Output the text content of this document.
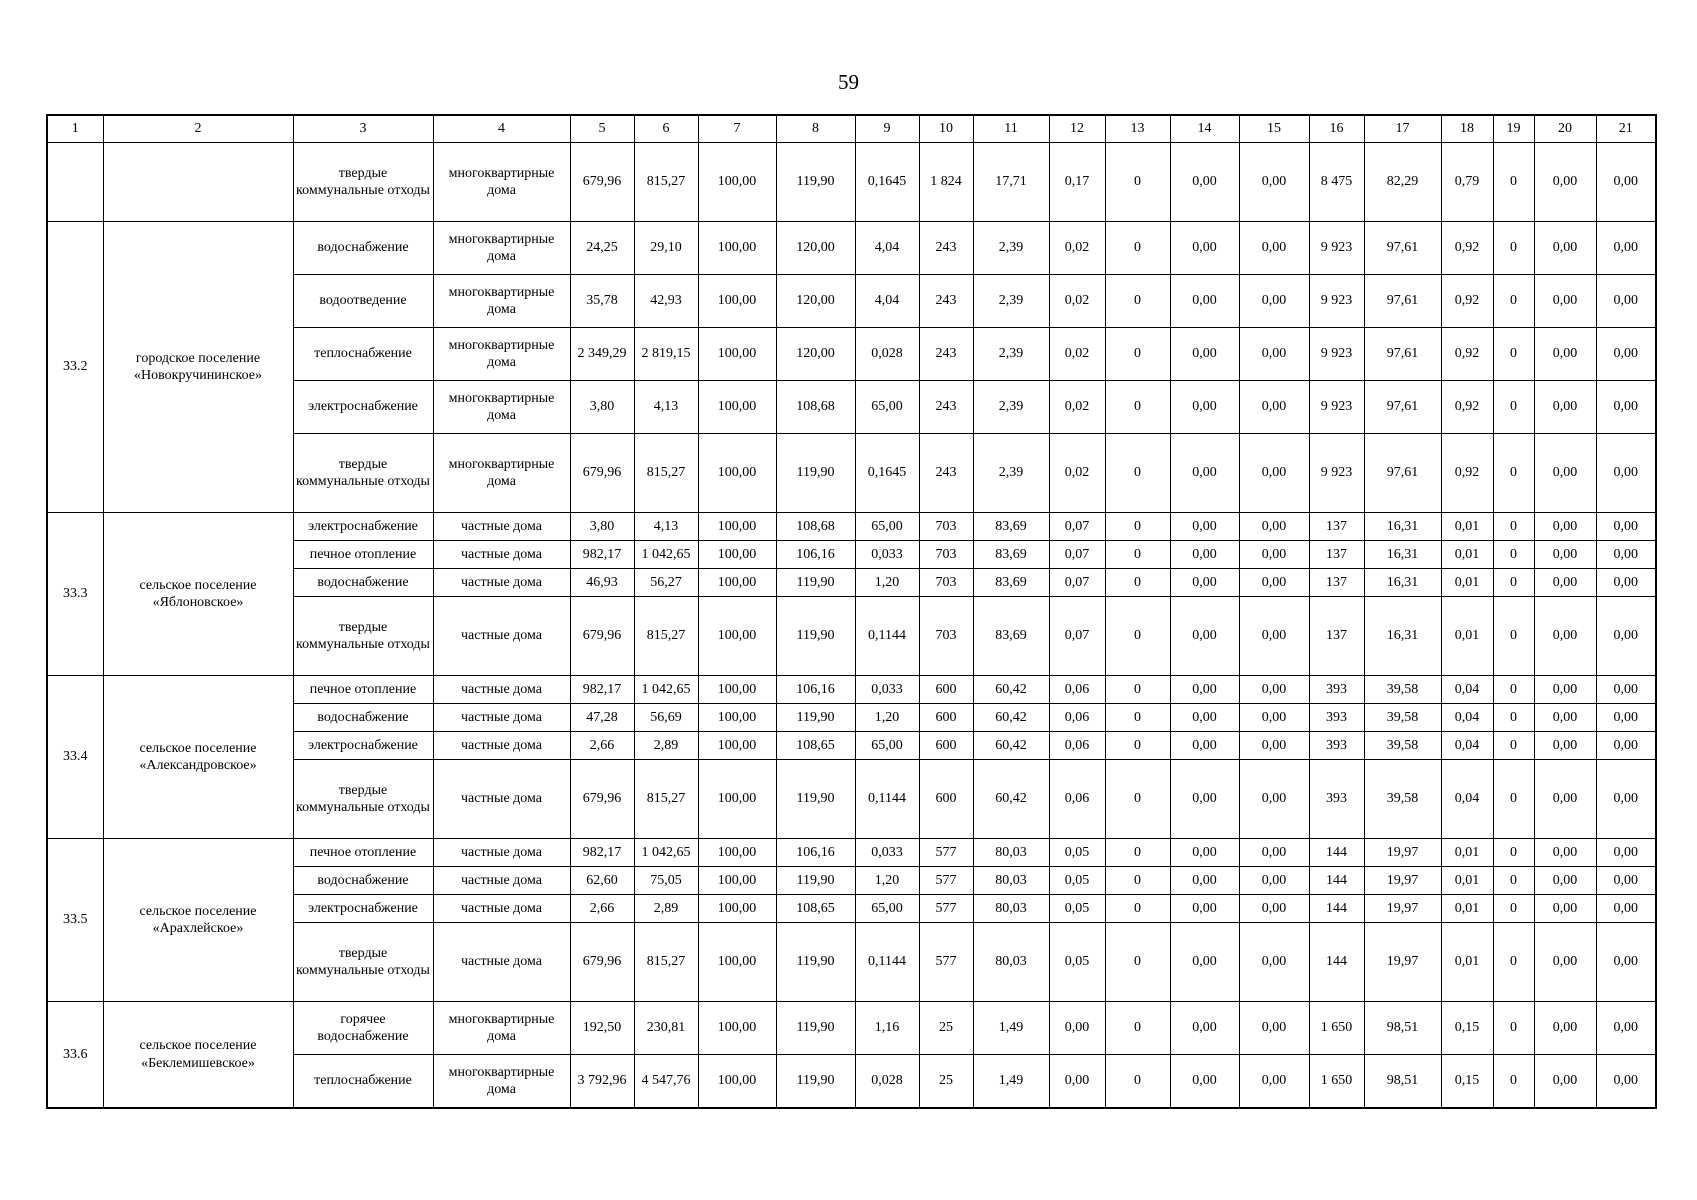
59
1	2	3	4	5	6	7	8	9	10	11	12	13	14	15	16	17	18	19	20	21
		твердые коммунальные отходы	многоквартирные дома	679,96	815,27	100,00	119,90	0,1645	1 824	17,71	0,17	0	0,00	0,00	8 475	82,29	0,79	0	0,00	0,00
33.2	городское поселение «Новокручининское»	водоснабжение	многоквартирные дома	24,25	29,10	100,00	120,00	4,04	243	2,39	0,02	0	0,00	0,00	9 923	97,61	0,92	0	0,00	0,00
		водоотведение	многоквартирные дома	35,78	42,93	100,00	120,00	4,04	243	2,39	0,02	0	0,00	0,00	9 923	97,61	0,92	0	0,00	0,00
		теплоснабжение	многоквартирные дома	2 349,29	2 819,15	100,00	120,00	0,028	243	2,39	0,02	0	0,00	0,00	9 923	97,61	0,92	0	0,00	0,00
		электроснабжение	многоквартирные дома	3,80	4,13	100,00	108,68	65,00	243	2,39	0,02	0	0,00	0,00	9 923	97,61	0,92	0	0,00	0,00
		твердые коммунальные отходы	многоквартирные дома	679,96	815,27	100,00	119,90	0,1645	243	2,39	0,02	0	0,00	0,00	9 923	97,61	0,92	0	0,00	0,00
33.3	сельское поселение «Яблоновское»	электроснабжение	частные дома	3,80	4,13	100,00	108,68	65,00	703	83,69	0,07	0	0,00	0,00	137	16,31	0,01	0	0,00	0,00
		печное отопление	частные дома	982,17	1 042,65	100,00	106,16	0,033	703	83,69	0,07	0	0,00	0,00	137	16,31	0,01	0	0,00	0,00
		водоснабжение	частные дома	46,93	56,27	100,00	119,90	1,20	703	83,69	0,07	0	0,00	0,00	137	16,31	0,01	0	0,00	0,00
		твердые коммунальные отходы	частные дома	679,96	815,27	100,00	119,90	0,1144	703	83,69	0,07	0	0,00	0,00	137	16,31	0,01	0	0,00	0,00
33.4	сельское поселение «Александровское»	печное отопление	частные дома	982,17	1 042,65	100,00	106,16	0,033	600	60,42	0,06	0	0,00	0,00	393	39,58	0,04	0	0,00	0,00
		водоснабжение	частные дома	47,28	56,69	100,00	119,90	1,20	600	60,42	0,06	0	0,00	0,00	393	39,58	0,04	0	0,00	0,00
		электроснабжение	частные дома	2,66	2,89	100,00	108,65	65,00	600	60,42	0,06	0	0,00	0,00	393	39,58	0,04	0	0,00	0,00
		твердые коммунальные отходы	частные дома	679,96	815,27	100,00	119,90	0,1144	600	60,42	0,06	0	0,00	0,00	393	39,58	0,04	0	0,00	0,00
33.5	сельское поселение «Арахлейское»	печное отопление	частные дома	982,17	1 042,65	100,00	106,16	0,033	577	80,03	0,05	0	0,00	0,00	144	19,97	0,01	0	0,00	0,00
		водоснабжение	частные дома	62,60	75,05	100,00	119,90	1,20	577	80,03	0,05	0	0,00	0,00	144	19,97	0,01	0	0,00	0,00
		электроснабжение	частные дома	2,66	2,89	100,00	108,65	65,00	577	80,03	0,05	0	0,00	0,00	144	19,97	0,01	0	0,00	0,00
		твердые коммунальные отходы	частные дома	679,96	815,27	100,00	119,90	0,1144	577	80,03	0,05	0	0,00	0,00	144	19,97	0,01	0	0,00	0,00
33.6	сельское поселение «Беклемишевское»	горячее водоснабжение	многоквартирные дома	192,50	230,81	100,00	119,90	1,16	25	1,49	0,00	0	0,00	0,00	1 650	98,51	0,15	0	0,00	0,00
		теплоснабжение	многоквартирные дома	3 792,96	4 547,76	100,00	119,90	0,028	25	1,49	0,00	0	0,00	0,00	1 650	98,51	0,15	0	0,00	0,00
